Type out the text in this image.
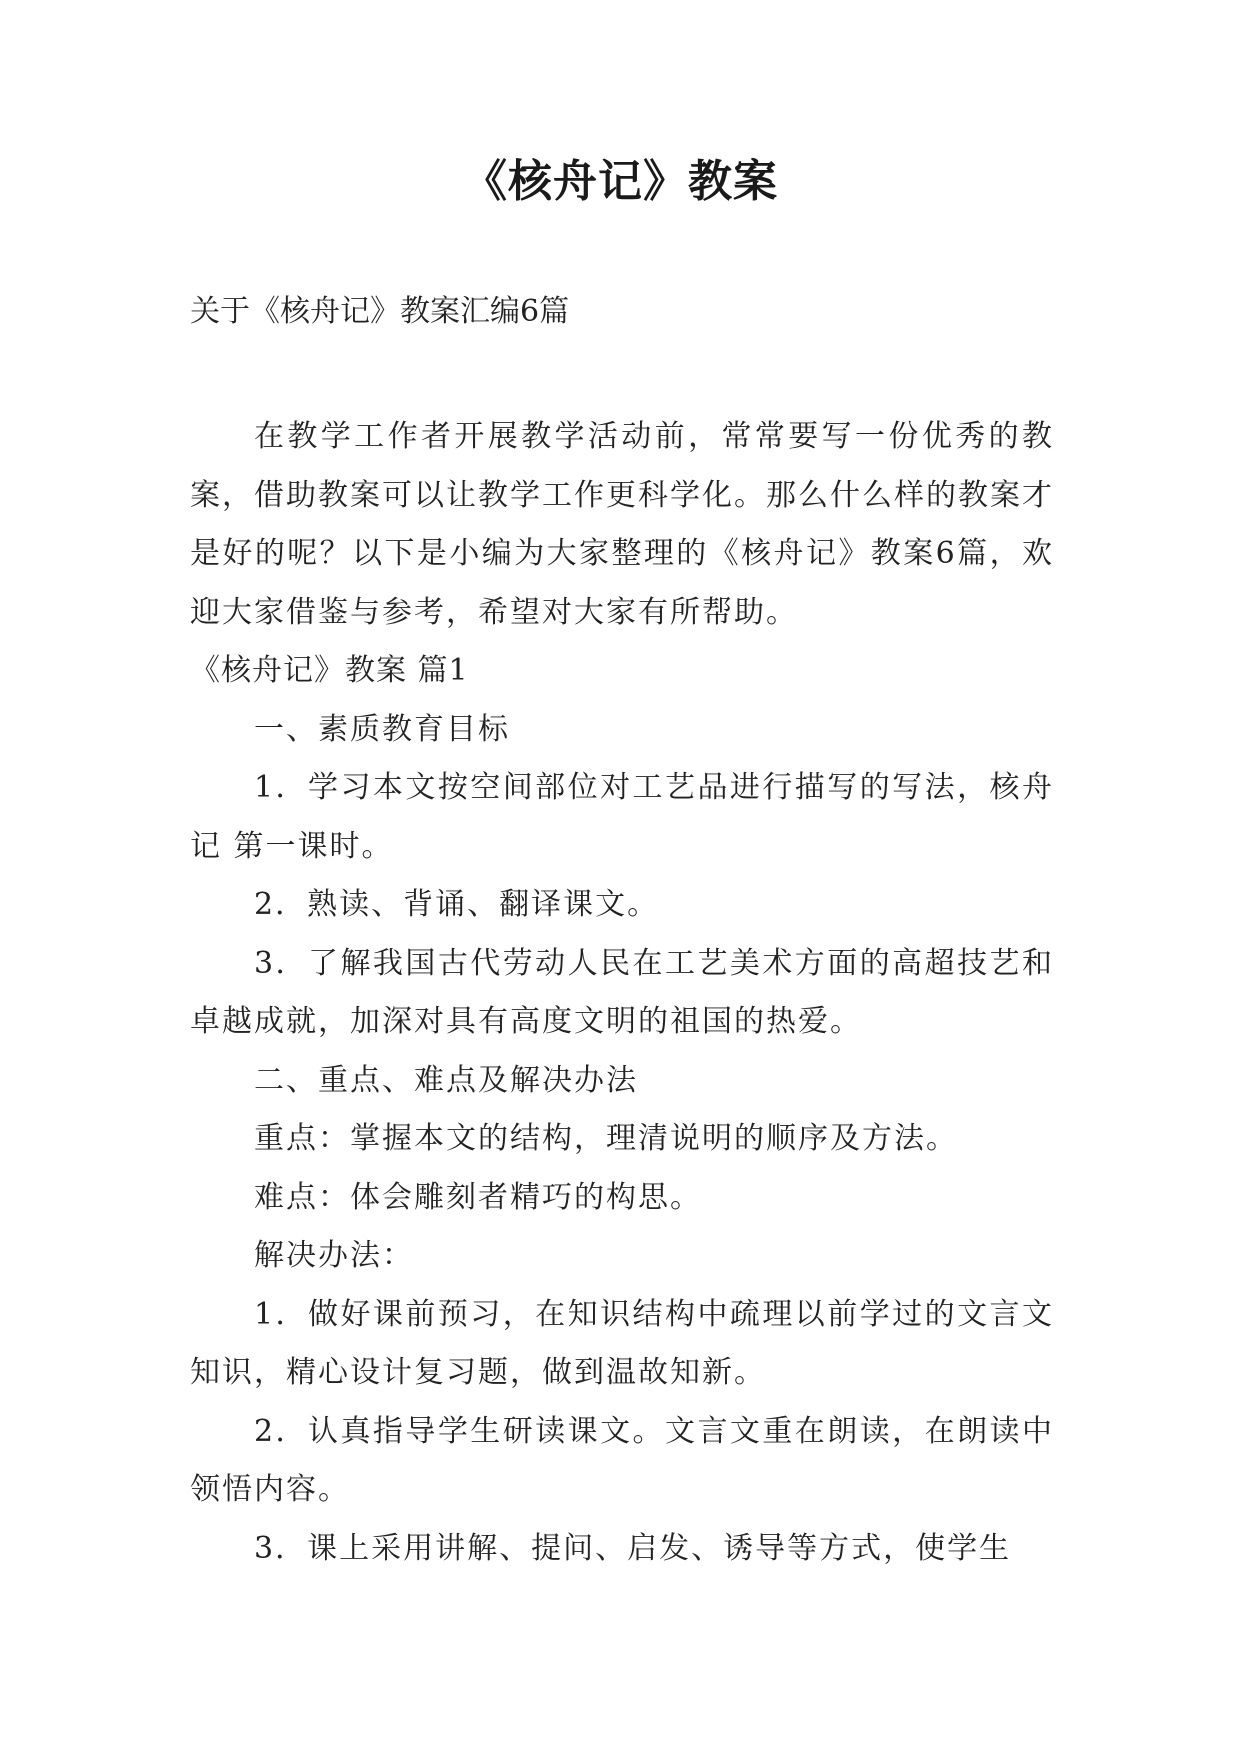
《核舟记》教案
关于《核舟记》教案汇编6篇

在教学工作者开展教学活动前，常常要写一份优秀的教案，借助教案可以让教学工作更科学化。那么什么样的教案才是好的呢？以下是小编为大家整理的《核舟记》教案6篇，欢迎大家借鉴与参考，希望对大家有所帮助。

《核舟记》教案 篇1

一、素质教育目标

1．学习本文按空间部位对工艺品进行描写的写法，核舟记 第一课时。

2．熟读、背诵、翻译课文。

3．了解我国古代劳动人民在工艺美术方面的高超技艺和卓越成就，加深对具有高度文明的祖国的热爱。

二、重点、难点及解决办法

重点：掌握本文的结构，理清说明的顺序及方法。

难点：体会雕刻者精巧的构思。

解决办法：

1．做好课前预习，在知识结构中疏理以前学过的文言文知识，精心设计复习题，做到温故知新。

2．认真指导学生研读课文。文言文重在朗读，在朗读中领悟内容。

3．课上采用讲解、提问、启发、诱导等方式，使学生
